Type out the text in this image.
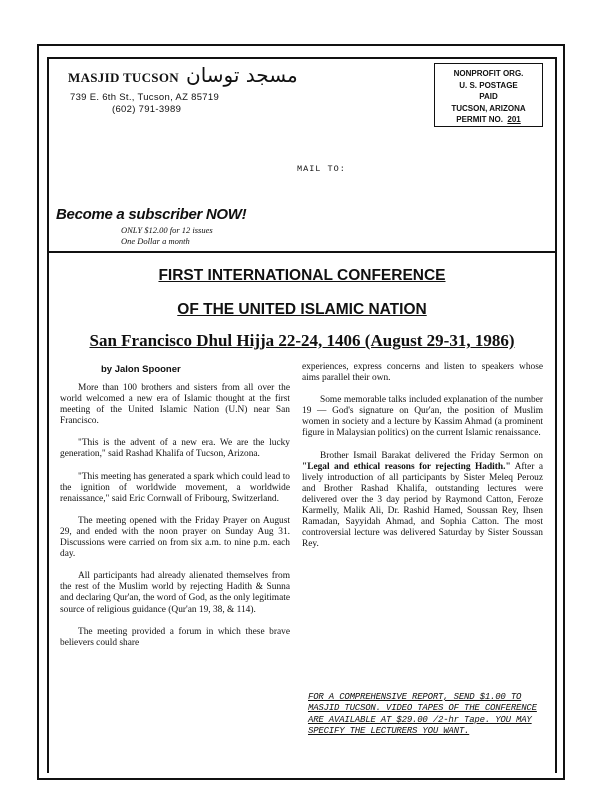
MASJID TUCSON مسجد توسان
739 E. 6th St., Tucson, AZ 85719
(602) 791-3989
NONPROFIT ORG.
U. S. POSTAGE
PAID
TUCSON, ARIZONA
PERMIT NO. 201
MAIL TO:
Become a subscriber NOW!
ONLY $12.00 for 12 issues
One Dollar a month
FIRST INTERNATIONAL CONFERENCE
OF THE UNITED ISLAMIC NATION
San Francisco Dhul Hijja 22-24, 1406 (August 29-31, 1986)
by Jalon Spooner

More than 100 brothers and sisters from all over the world welcomed a new era of Islamic thought at the first meeting of the United Islamic Nation (U.N) near San Francisco.

"This is the advent of a new era. We are the lucky generation," said Rashad Khalifa of Tucson, Arizona.

"This meeting has generated a spark which could lead to the ignition of worldwide movement, a worldwide renaissance," said Eric Cornwall of Fribourg, Switzerland.

The meeting opened with the Friday Prayer on August 29, and ended with the noon prayer on Sunday Aug 31. Discussions were carried on from six a.m. to nine p.m. each day.

All participants had already alienated themselves from the rest of the Muslim world by rejecting Hadith & Sunna and declaring Qur'an, the word of God, as the only legitimate source of religious guidance (Qur'an 19, 38, & 114).

The meeting provided a forum in which these brave believers could share

experiences, express concerns and listen to speakers whose aims parallel their own.

Some memorable talks included explanation of the number 19 — God's signature on Qur'an, the position of Muslim women in society and a lecture by Kassim Ahmad (a prominent figure in Malaysian politics) on the current Islamic renaissance.

Brother Ismail Barakat delivered the Friday Sermon on "Legal and ethical reasons for rejecting Hadith." After a lively introduction of all participants by Sister Meleq Perouz and Brother Rashad Khalifa, outstanding lectures were delivered over the 3 day period by Raymond Catton, Feroze Karmelly, Malik Ali, Dr. Rashid Hamed, Soussan Rey, Ihsen Ramadan, Sayyidah Ahmad, and Sophia Catton. The most controversial lecture was delivered Saturday by Sister Soussan Rey.

FOR A COMPREHENSIVE REPORT, SEND $1.00 TO MASJID TUCSON. VIDEO TAPES OF THE CONFERENCE ARE AVAILABLE AT $29.00 /2-hr Tape. YOU MAY SPECIFY THE LECTURERS YOU WANT.
